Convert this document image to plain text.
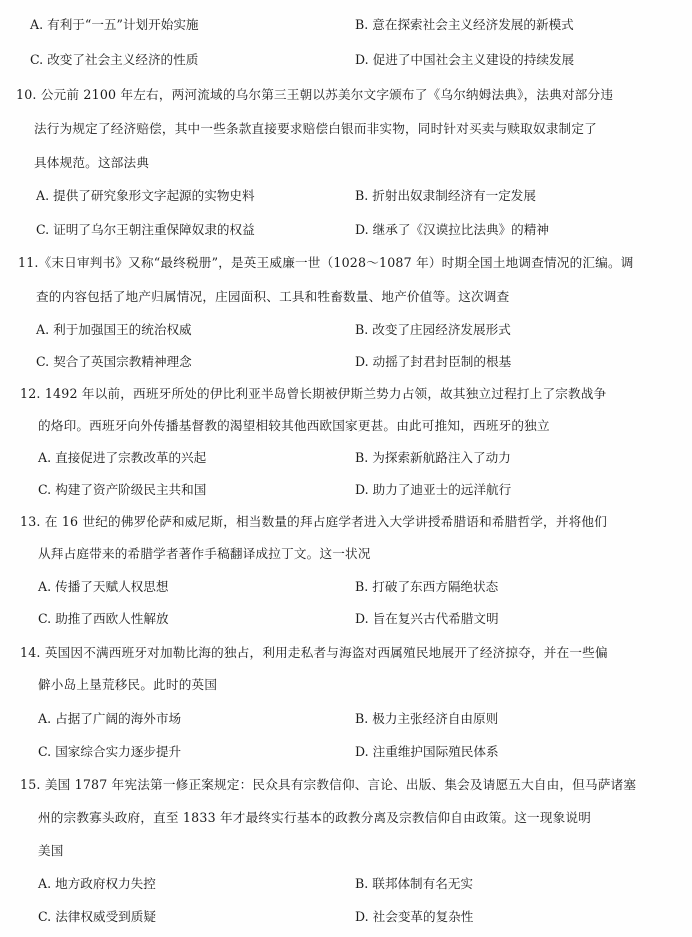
A. 有利于“一五”计划开始实施	B. 意在探索社会主义经济发展的新模式
C. 改变了社会主义经济的性质	D. 促进了中国社会主义建设的持续发展
10. 公元前 2100 年左右，两河流域的乌尔第三王朝以苏美尔文字颁布了《乌尔纳姆法典》，法典对部分违
法行为规定了经济赔偿，其中一些条款直接要求赔偿白银而非实物，同时针对买卖与赎取奴隶制定了
具体规范。这部法典
A. 提供了研究象形文字起源的实物史料	B. 折射出奴隶制经济有一定发展
C. 证明了乌尔王朝注重保障奴隶的权益	D. 继承了《汉谟拉比法典》的精神
11.《末日审判书》又称“最终税册”，是英王威廉一世（1028～1087 年）时期全国土地调查情况的汇编。调
查的内容包括了地产归属情况，庄园面积、工具和牲畜数量、地产价值等。这次调查
A. 利于加强国王的统治权威	B. 改变了庄园经济发展形式
C. 契合了英国宗教精神理念	D. 动摇了封君封臣制的根基
12. 1492 年以前，西班牙所处的伊比利亚半岛曾长期被伊斯兰势力占领，故其独立过程打上了宗教战争
的烙印。西班牙向外传播基督教的渴望相较其他西欧国家更甚。由此可推知，西班牙的独立
A. 直接促进了宗教改革的兴起	B. 为探索新航路注入了动力
C. 构建了资产阶级民主共和国	D. 助力了迪亚士的远洋航行
13. 在 16 世纪的佛罗伦萨和威尼斯，相当数量的拜占庭学者进入大学讲授希腊语和希腊哲学，并将他们
从拜占庭带来的希腊学者著作手稿翻译成拉丁文。这一状况
A. 传播了天赋人权思想	B. 打破了东西方隔绝状态
C. 助推了西欧人性解放	D. 旨在复兴古代希腊文明
14. 英国因不满西班牙对加勒比海的独占，利用走私者与海盗对西属殖民地展开了经济掠夺，并在一些偏
僻小岛上垦荒移民。此时的英国
A. 占据了广阔的海外市场	B. 极力主张经济自由原则
C. 国家综合实力逐步提升	D. 注重维护国际殖民体系
15. 美国 1787 年宪法第一修正案规定：民众具有宗教信仰、言论、出版、集会及请愿五大自由，但马萨诸塞
州的宗教寡头政府，直至 1833 年才最终实行基本的政教分离及宗教信仰自由政策。这一现象说明
美国
A. 地方政府权力失控	B. 联邦体制有名无实
C. 法律权威受到质疑	D. 社会变革的复杂性
